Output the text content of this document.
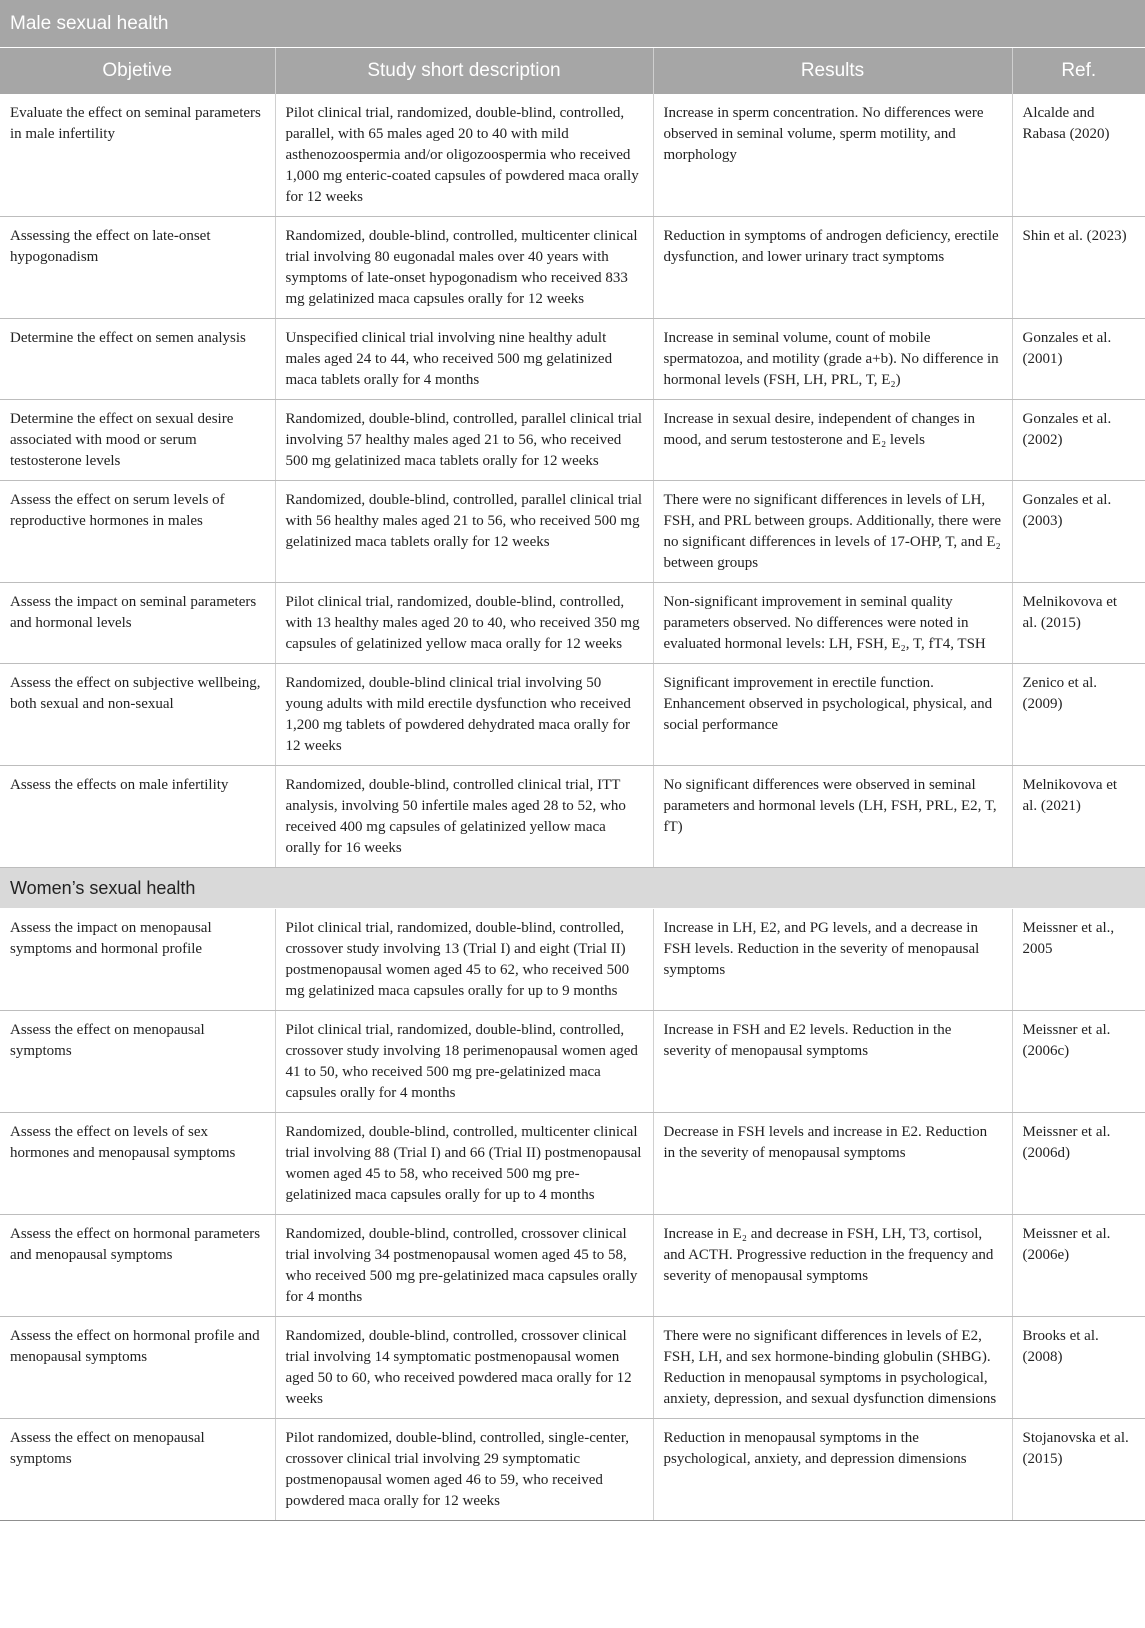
Male sexual health			
Objetive	Study short description	Results	Ref.
Evaluate the effect on seminal parameters in male infertility	Pilot clinical trial, randomized, double-blind, controlled, parallel, with 65 males aged 20 to 40 with mild asthenozoospermia and/or oligozoospermia who received 1,000 mg enteric-coated capsules of powdered maca orally for 12 weeks	Increase in sperm concentration. No differences were observed in seminal volume, sperm motility, and morphology	Alcalde and Rabasa (2020)
Assessing the effect on late-onset hypogonadism	Randomized, double-blind, controlled, multicenter clinical trial involving 80 eugonadal males over 40 years with symptoms of late-onset hypogonadism who received 833 mg gelatinized maca capsules orally for 12 weeks	Reduction in symptoms of androgen deficiency, erectile dysfunction, and lower urinary tract symptoms	Shin et al. (2023)
Determine the effect on semen analysis	Unspecified clinical trial involving nine healthy adult males aged 24 to 44, who received 500 mg gelatinized maca tablets orally for 4 months	Increase in seminal volume, count of mobile spermatozoa, and motility (grade a+b). No difference in hormonal levels (FSH, LH, PRL, T, E₂)	Gonzales et al. (2001)
Determine the effect on sexual desire associated with mood or serum testosterone levels	Randomized, double-blind, controlled, parallel clinical trial involving 57 healthy males aged 21 to 56, who received 500 mg gelatinized maca tablets orally for 12 weeks	Increase in sexual desire, independent of changes in mood, and serum testosterone and E₂ levels	Gonzales et al. (2002)
Assess the effect on serum levels of reproductive hormones in males	Randomized, double-blind, controlled, parallel clinical trial with 56 healthy males aged 21 to 56, who received 500 mg gelatinized maca tablets orally for 12 weeks	There were no significant differences in levels of LH, FSH, and PRL between groups. Additionally, there were no significant differences in levels of 17-OHP, T, and E₂ between groups	Gonzales et al. (2003)
Assess the impact on seminal parameters and hormonal levels	Pilot clinical trial, randomized, double-blind, controlled, with 13 healthy males aged 20 to 40, who received 350 mg capsules of gelatinized yellow maca orally for 12 weeks	Non-significant improvement in seminal quality parameters observed. No differences were noted in evaluated hormonal levels: LH, FSH, E₂, T, fT4, TSH	Melnikovova et al. (2015)
Assess the effect on subjective wellbeing, both sexual and non-sexual	Randomized, double-blind clinical trial involving 50 young adults with mild erectile dysfunction who received 1,200 mg tablets of powdered dehydrated maca orally for 12 weeks	Significant improvement in erectile function. Enhancement observed in psychological, physical, and social performance	Zenico et al. (2009)
Assess the effects on male infertility	Randomized, double-blind, controlled clinical trial, ITT analysis, involving 50 infertile males aged 28 to 52, who received 400 mg capsules of gelatinized yellow maca orally for 16 weeks	No significant differences were observed in seminal parameters and hormonal levels (LH, FSH, PRL, E2, T, fT)	Melnikovova et al. (2021)
Women’s sexual health			
Assess the impact on menopausal symptoms and hormonal profile	Pilot clinical trial, randomized, double-blind, controlled, crossover study involving 13 (Trial I) and eight (Trial II) postmenopausal women aged 45 to 62, who received 500 mg gelatinized maca capsules orally for up to 9 months	Increase in LH, E2, and PG levels, and a decrease in FSH levels. Reduction in the severity of menopausal symptoms	Meissner et al., 2005
Assess the effect on menopausal symptoms	Pilot clinical trial, randomized, double-blind, controlled, crossover study involving 18 perimenopausal women aged 41 to 50, who received 500 mg pre-gelatinized maca capsules orally for 4 months	Increase in FSH and E2 levels. Reduction in the severity of menopausal symptoms	Meissner et al. (2006c)
Assess the effect on levels of sex hormones and menopausal symptoms	Randomized, double-blind, controlled, multicenter clinical trial involving 88 (Trial I) and 66 (Trial II) postmenopausal women aged 45 to 58, who received 500 mg pre-gelatinized maca capsules orally for up to 4 months	Decrease in FSH levels and increase in E2. Reduction in the severity of menopausal symptoms	Meissner et al. (2006d)
Assess the effect on hormonal parameters and menopausal symptoms	Randomized, double-blind, controlled, crossover clinical trial involving 34 postmenopausal women aged 45 to 58, who received 500 mg pre-gelatinized maca capsules orally for 4 months	Increase in E₂ and decrease in FSH, LH, T3, cortisol, and ACTH. Progressive reduction in the frequency and severity of menopausal symptoms	Meissner et al. (2006e)
Assess the effect on hormonal profile and menopausal symptoms	Randomized, double-blind, controlled, crossover clinical trial involving 14 symptomatic postmenopausal women aged 50 to 60, who received powdered maca orally for 12 weeks	There were no significant differences in levels of E2, FSH, LH, and sex hormone-binding globulin (SHBG). Reduction in menopausal symptoms in psychological, anxiety, depression, and sexual dysfunction dimensions	Brooks et al. (2008)
Assess the effect on menopausal symptoms	Pilot randomized, double-blind, controlled, single-center, crossover clinical trial involving 29 symptomatic postmenopausal women aged 46 to 59, who received powdered maca orally for 12 weeks	Reduction in menopausal symptoms in the psychological, anxiety, and depression dimensions	Stojanovska et al. (2015)
